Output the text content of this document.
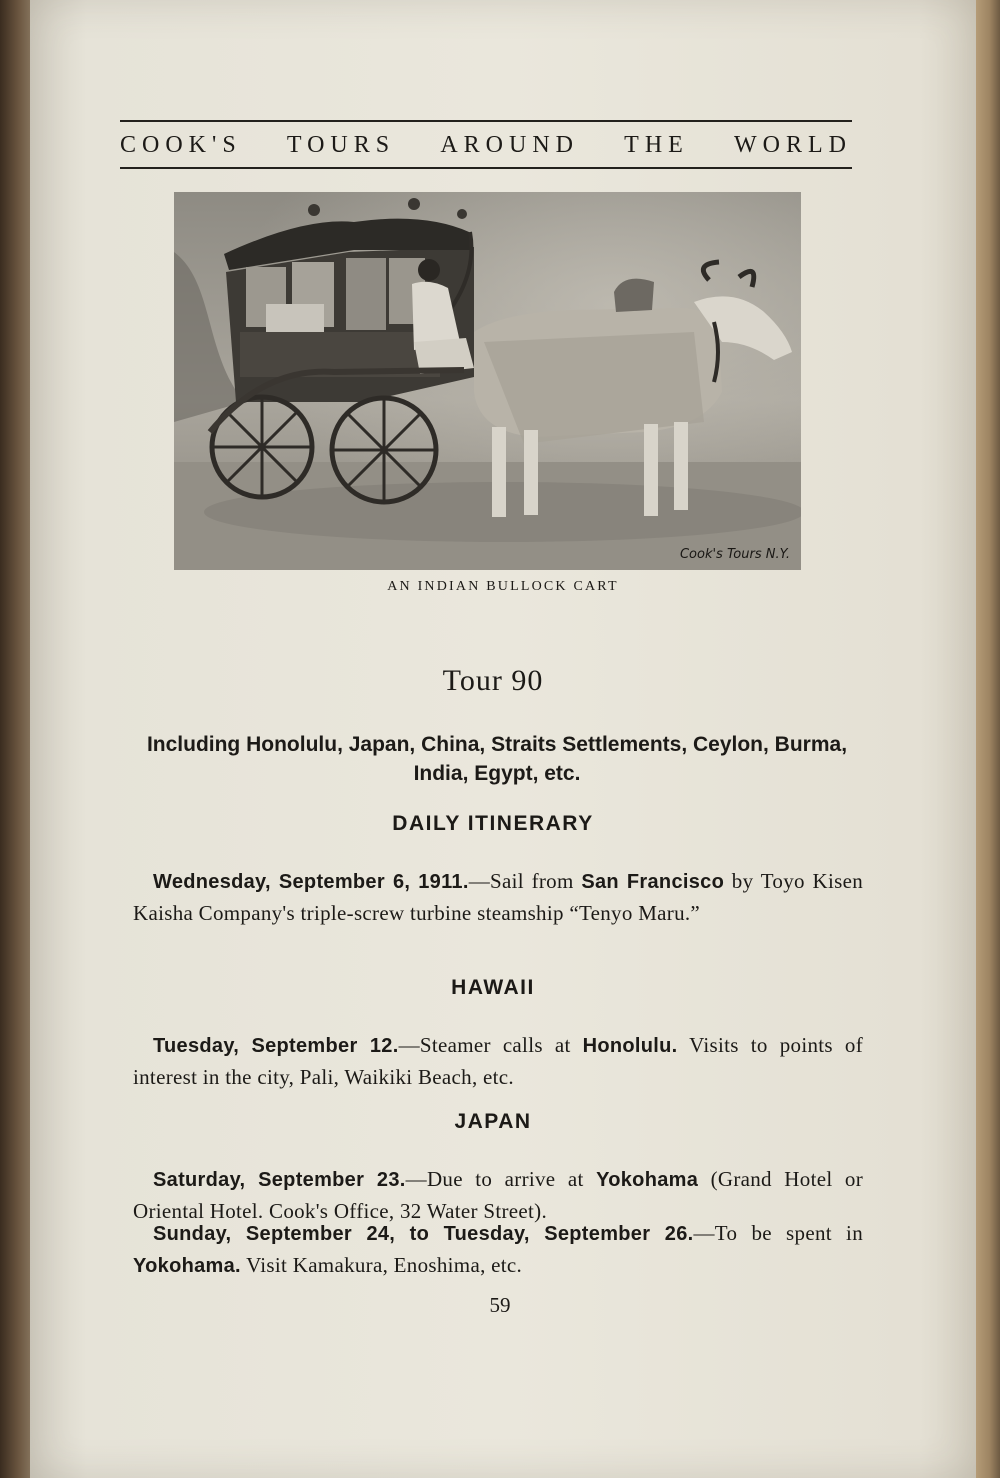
COOK'S TOURS AROUND THE WORLD
Cook's Tours N.Y.
AN INDIAN BULLOCK CART
Tour 90
Including Honolulu, Japan, China, Straits Settlements, Ceylon, Burma, India, Egypt, etc.
DAILY ITINERARY
Wednesday, September 6, 1911.—Sail from San Francisco by Toyo Kisen Kaisha Company's triple-screw turbine steamship “Tenyo Maru.”
HAWAII
Tuesday, September 12.—Steamer calls at Honolulu. Visits to points of interest in the city, Pali, Waikiki Beach, etc.
JAPAN
Saturday, September 23.—Due to arrive at Yokohama (Grand Hotel or Oriental Hotel. Cook's Office, 32 Water Street).
Sunday, September 24, to Tuesday, September 26.—To be spent in Yokohama. Visit Kamakura, Enoshima, etc.
59
